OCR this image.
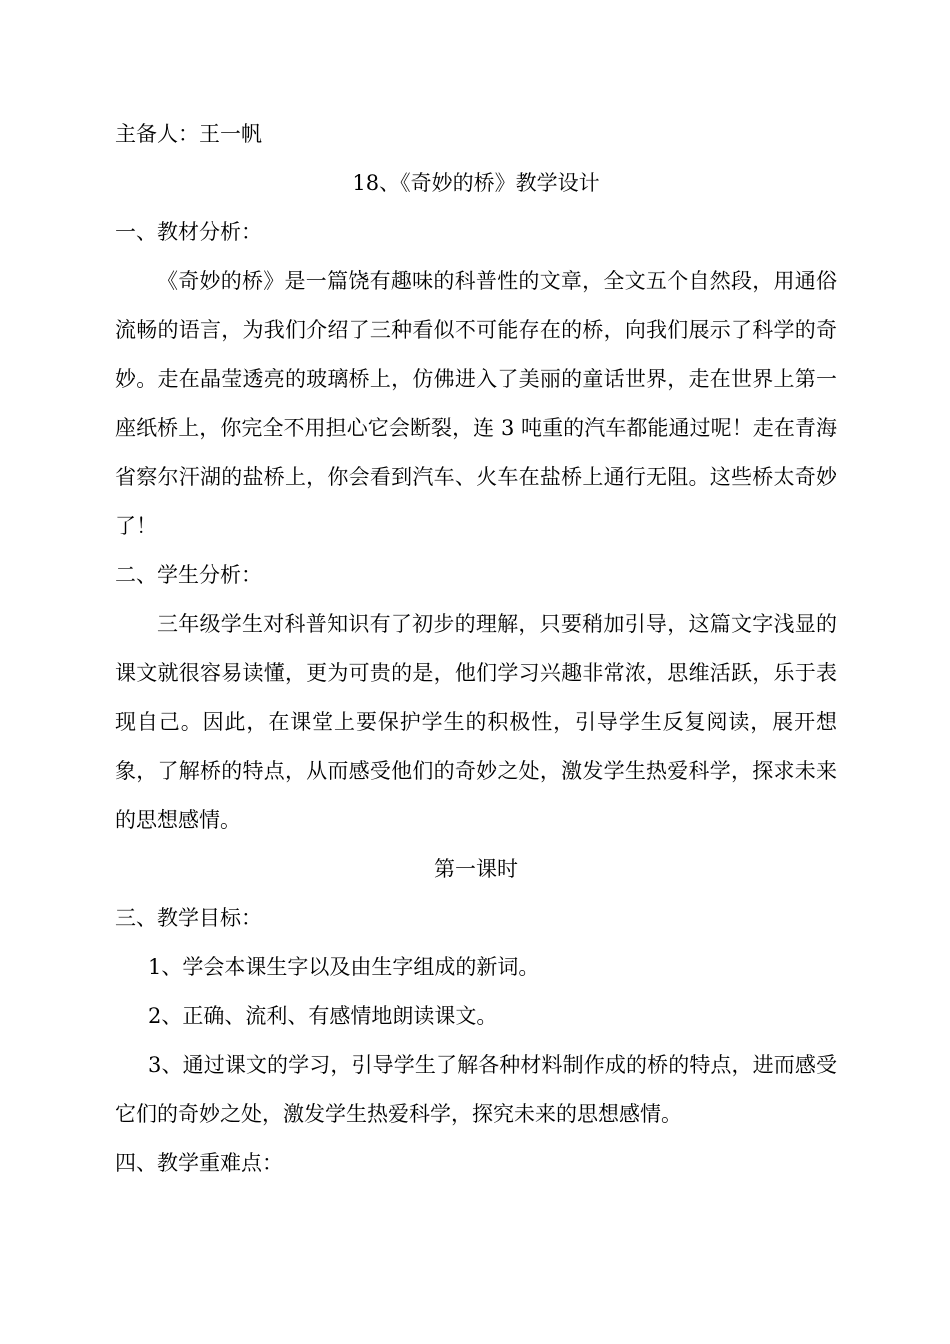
主备人：王一帆
18、《奇妙的桥》教学设计
一、教材分析：

《奇妙的桥》是一篇饶有趣味的科普性的文章，全文五个自然段，用通俗流畅的语言，为我们介绍了三种看似不可能存在的桥，向我们展示了科学的奇妙。走在晶莹透亮的玻璃桥上，仿佛进入了美丽的童话世界，走在世界上第一座纸桥上，你完全不用担心它会断裂，连 3 吨重的汽车都能通过呢！走在青海省察尔汗湖的盐桥上，你会看到汽车、火车在盐桥上通行无阻。这些桥太奇妙了！

二、学生分析：

三年级学生对科普知识有了初步的理解，只要稍加引导，这篇文字浅显的课文就很容易读懂，更为可贵的是，他们学习兴趣非常浓，思维活跃，乐于表现自己。因此，在课堂上要保护学生的积极性，引导学生反复阅读，展开想象，了解桥的特点，从而感受他们的奇妙之处，激发学生热爱科学，探求未来的思想感情。

第一课时
三、教学目标：

1、学会本课生字以及由生字组成的新词。

2、正确、流利、有感情地朗读课文。

3、通过课文的学习，引导学生了解各种材料制作成的桥的特点，进而感受它们的奇妙之处，激发学生热爱科学，探究未来的思想感情。

四、教学重难点：
